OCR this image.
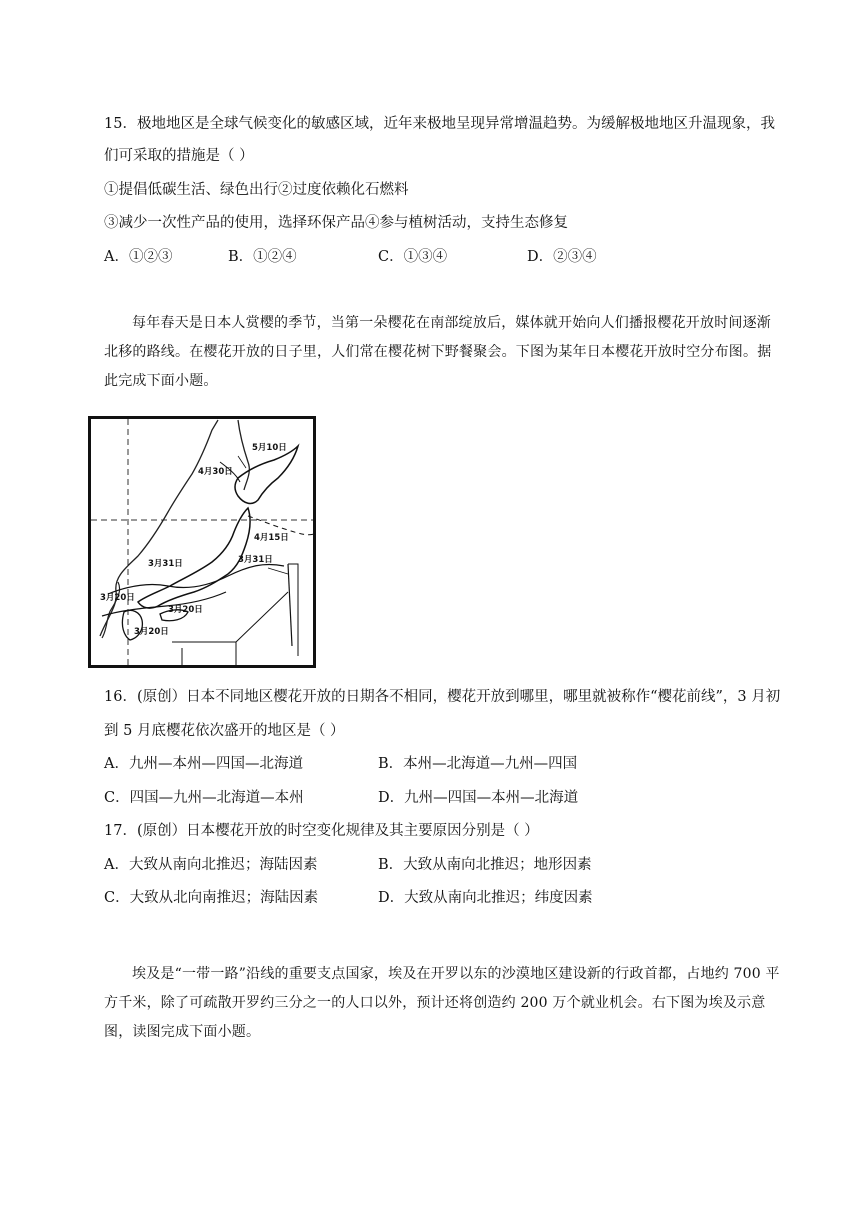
15．极地地区是全球气候变化的敏感区域，近年来极地呈现异常增温趋势。为缓解极地地区升温现象，我
们可采取的措施是（ ）
①提倡低碳生活、绿色出行②过度依赖化石燃料
③减少一次性产品的使用，选择环保产品④参与植树活动，支持生态修复
A．①②③	B．①②④	C．①③④	D．②③④
每年春天是日本人赏樱的季节，当第一朵樱花在南部绽放后，媒体就开始向人们播报樱花开放时间逐渐北移的路线。在樱花开放的日子里，人们常在樱花树下野餐聚会。下图为某年日本樱花开放时空分布图。据此完成下面小题。
5月10日
4月30日
4月15日
3月31日	3月31日
3月20日
3月20日
3月20日
16．(原创）日本不同地区樱花开放的日期各不相同，樱花开放到哪里，哪里就被称作“樱花前线”，3 月初
到 5 月底樱花依次盛开的地区是（ ）
A．九州—本州—四国—北海道	B．本州—北海道—九州—四国
C．四国—九州—北海道—本州	D．九州—四国—本州—北海道
17．(原创）日本樱花开放的时空变化规律及其主要原因分别是（ ）
A．大致从南向北推迟；海陆因素	B．大致从南向北推迟；地形因素
C．大致从北向南推迟；海陆因素	D．大致从南向北推迟；纬度因素
埃及是“一带一路”沿线的重要支点国家，埃及在开罗以东的沙漠地区建设新的行政首都，占地约 700 平方千米，除了可疏散开罗约三分之一的人口以外，预计还将创造约 200 万个就业机会。右下图为埃及示意图，读图完成下面小题。
